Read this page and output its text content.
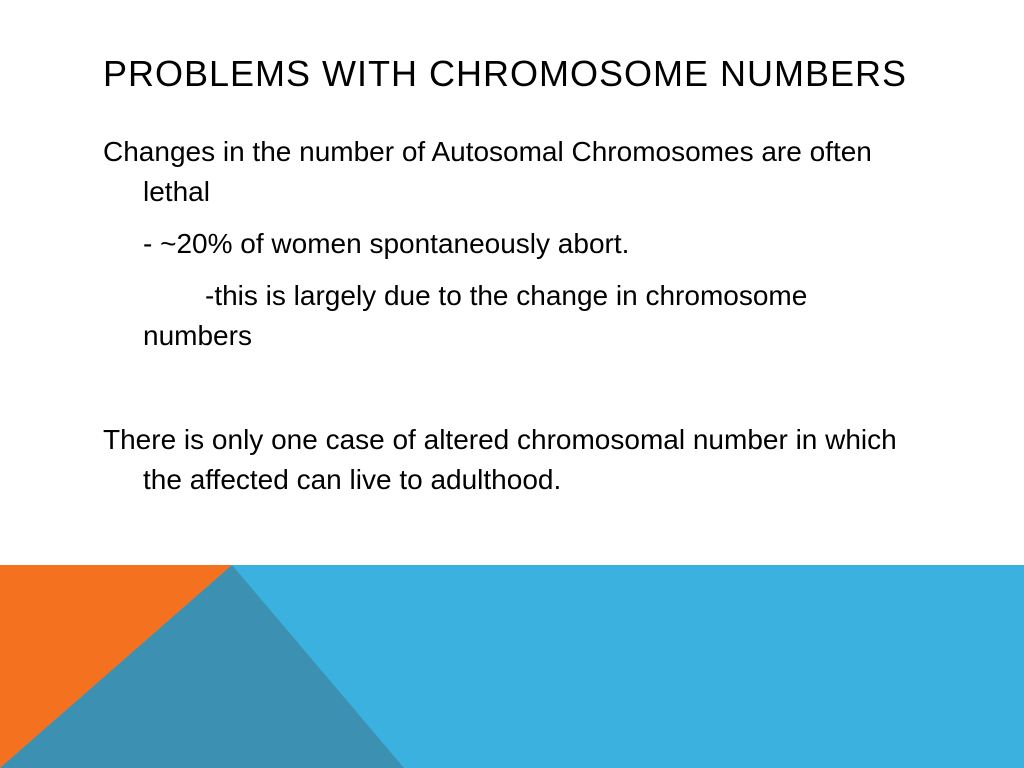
PROBLEMS WITH CHROMOSOME NUMBERS

Changes in the number of Autosomal Chromosomes are often lethal

- ~20% of women spontaneously abort.

-this is largely due to the change in chromosome numbers

There is only one case of altered chromosomal number in which the affected can live to adulthood.
